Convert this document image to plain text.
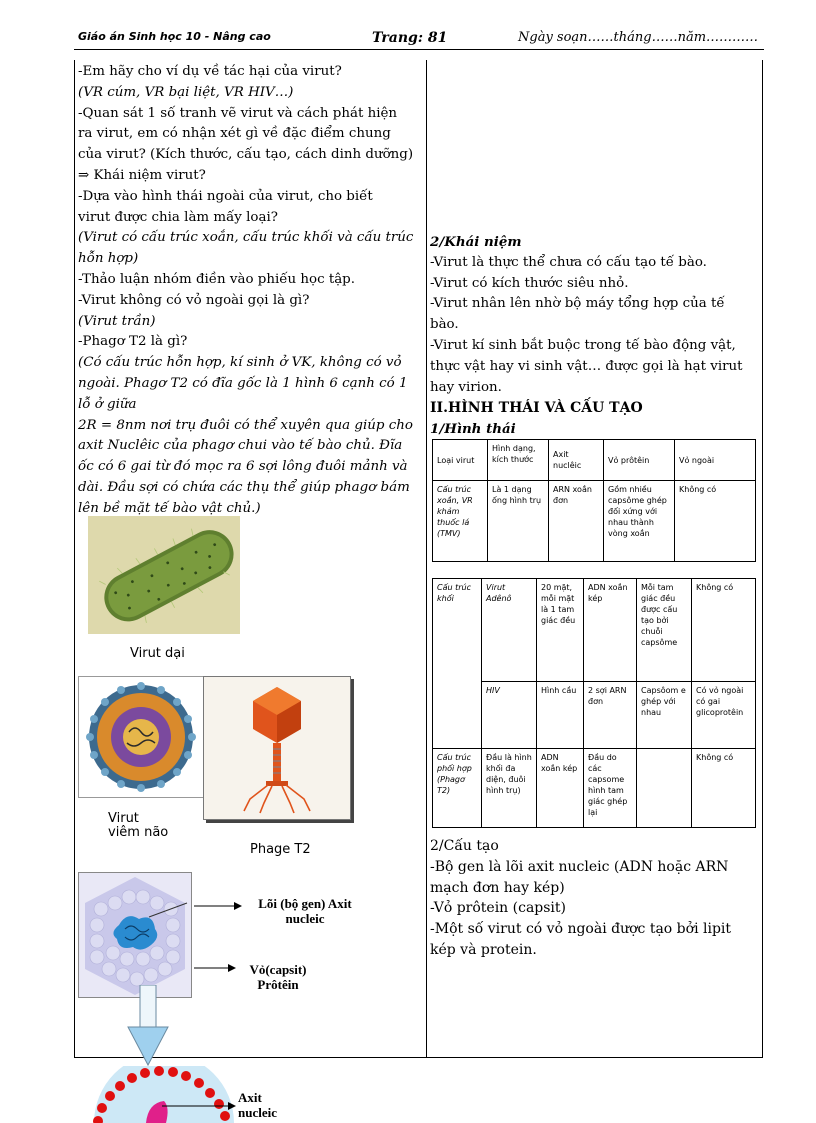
Giáo án Sinh học 10 - Nâng cao	Trang: 81	Ngày soạn……tháng……năm…………

-Em hãy cho ví dụ về tác hại của virut?

(VR cúm, VR bại liệt, VR HIV…)

-Quan sát 1 số tranh vẽ virut và cách phát hiện

ra virut, em có nhận xét gì về đặc điểm chung

của virut? (Kích thước, cấu tạo, cách dinh dưỡng)

⇒ Khái niệm virut?

-Dựa vào hình thái ngoài của virut, cho biết

virut được chia làm mấy loại?

(Virut có cấu trúc xoắn, cấu trúc khối và cấu trúc

hỗn hợp)

-Thảo luận nhóm điền vào phiếu học tập.

-Virut không có vỏ ngoài gọi là gì?

(Virut trần)

-Phagơ T2 là gì?

(Có cấu trúc hỗn hợp, kí sinh ở VK, không có vỏ

ngoài. Phagơ T2 có đĩa gốc là 1 hình 6 cạnh có 1

lỗ ở giữa

2R = 8nm nơi trụ đuôi có thể xuyên qua giúp cho

axit Nuclêic của phagơ chui vào tế bào chủ. Đĩa

ốc có 6 gai từ đó mọc ra 6 sợi lông đuôi mảnh và

dài. Đầu sợi có chứa các thụ thể giúp phagơ bám

lên bề mặt tế bào vật chủ.)

Virut dại
Virut
viêm não
Phage T2
Lõi (bộ gen) Axit
nucleic
Vỏ(capsit)
Prôtêin
Axit
nucleic

2/Khái niệm

-Virut là thực thể chưa có cấu tạo tế bào.

-Virut có kích thước siêu nhỏ.

-Virut nhân lên nhờ bộ máy tổng hợp của tế

bào.

-Virut kí sinh bắt buộc trong tế bào động vật,

thực vật hay vi sinh vật… được gọi là hạt virut

hay virion.

II.HÌNH THÁI VÀ CẤU TẠO

1/Hình thái

Loại virut	Hình dạng, kích thước	Axit nuclêic	Vỏ prôtêin	Vỏ ngoài
Cấu trúc xoắn, VR khảm thuốc lá (TMV)	Là 1 dạng ống hình trụ	ARN xoắn đơn	Gồm nhiều capsôme ghép đối xứng với nhau thành vòng xoắn	Không có
Cấu trúc khối	Virut Adênô	20 mặt, mỗi mặt là 1 tam giác đều	ADN xoắn kép	Mỗi tam giác đều được cấu tạo bởi chuỗi capsôme	Không có
	HIV	Hình cầu	2 sợi ARN đơn	Capsôom e ghép với nhau	Có vỏ ngoài có gai glicoprotêin
Cấu trúc phối hợp (Phagơ T2)	Đầu là hình khối đa diện, đuôi hình trụ)	ADN xoắn kép	Đầu do các capsome hình tam giác ghép lại		Không có

2/Cấu tạo

-Bộ gen là lõi axit nucleic (ADN hoặc ARN

mạch đơn hay kép)

-Vỏ prôtein (capsit)

-Một số virut có vỏ ngoài được tạo bởi lipit

kép và protein.
